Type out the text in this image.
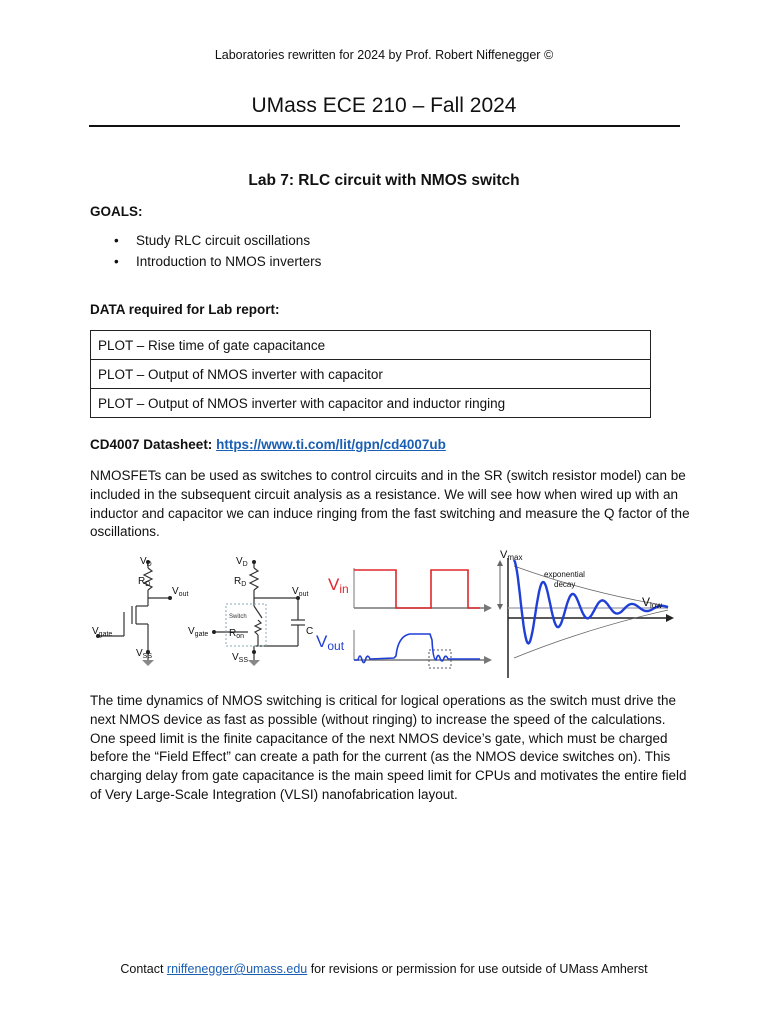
Laboratories rewritten for 2024 by Prof. Robert Niffenegger ©
UMass ECE 210 – Fall 2024
Lab 7: RLC circuit with NMOS switch
GOALS:
• Study RLC circuit oscillations
• Introduction to NMOS inverters
DATA required for Lab report:
PLOT – Rise time of gate capacitance
PLOT – Output of NMOS inverter with capacitor
PLOT – Output of NMOS inverter with capacitor and inductor ringing
CD4007 Datasheet: https://www.ti.com/lit/gpn/cd4007ub
NMOSFETs can be used as switches to control circuits and in the SR (switch resistor model) can be included in the subsequent circuit analysis as a resistance. We will see how when wired up with an inductor and capacitor we can induce ringing from the fast switching and measure the Q factor of the oscillations.
$V_D$
$R_D$
$V_{out}$
$V_{gate}$
$V_{SS}$
$V_D$
$R_D$
$V_{out}$
Switch
$R_{on}$
$V_{gate}$
$V_{SS}$
C
Vin
Vout
Vmax
exponential
decay
Vlow
The time dynamics of NMOS switching is critical for logical operations as the switch must drive the next NMOS device as fast as possible (without ringing) to increase the speed of the calculations. One speed limit is the finite capacitance of the next NMOS device’s gate, which must be charged before the “Field Effect” can create a path for the current (as the NMOS device switches on). This charging delay from gate capacitance is the main speed limit for CPUs and motivates the entire field of Very Large-Scale Integration (VLSI) nanofabrication layout.
Contact rniffenegger@umass.edu for revisions or permission for use outside of UMass Amherst
